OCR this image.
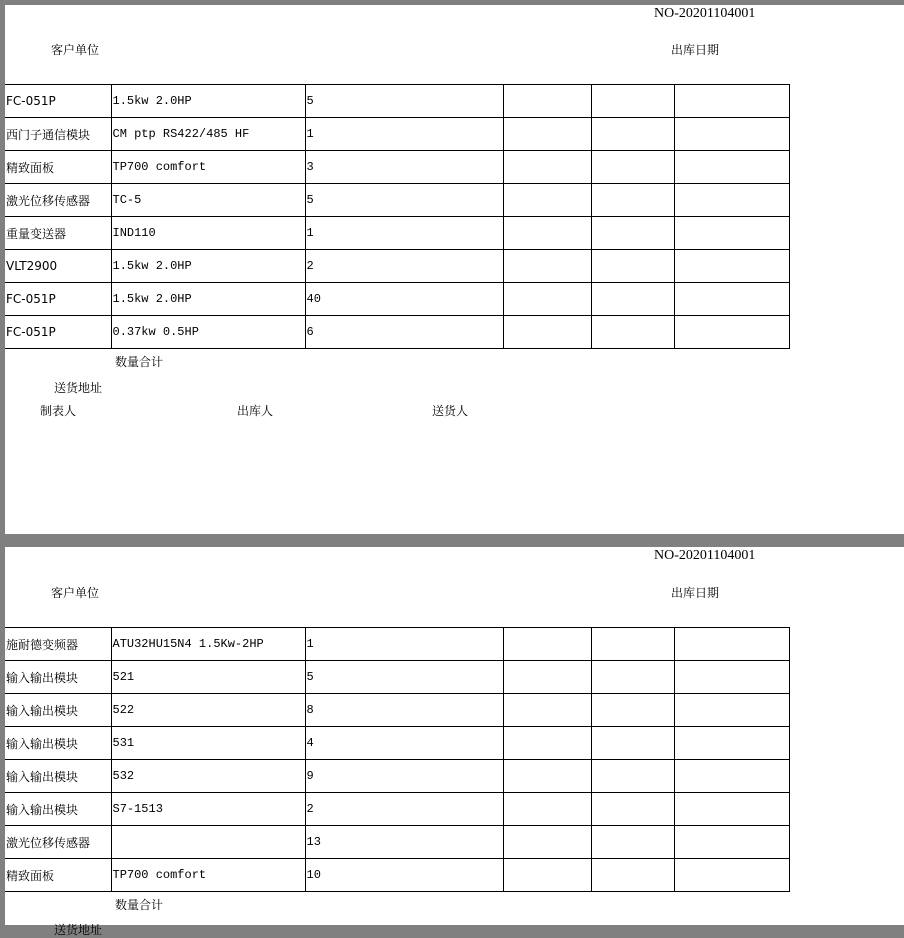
NO-20201104001
客户单位	出库日期
FC-051P	1.5kw 2.0HP	5			
西门子通信模块	CM ptp RS422/485 HF	1			
精致面板	TP700 comfort	3			
激光位移传感器	TC-5	5			
重量变送器	IND110	1			
VLT2900	1.5kw 2.0HP	2			
FC-051P	1.5kw 2.0HP	40			
FC-051P	0.37kw 0.5HP	6			
数量合计
送货地址
制表人	出库人	送货人
NO-20201104001
客户单位	出库日期
施耐德变频器	ATU32HU15N4 1.5Kw-2HP	1			
输入输出模块	521	5			
输入输出模块	522	8			
输入输出模块	531	4			
输入输出模块	532	9			
输入输出模块	S7-1513	2			
激光位移传感器		13			
精致面板	TP700 comfort	10			
数量合计
送货地址
